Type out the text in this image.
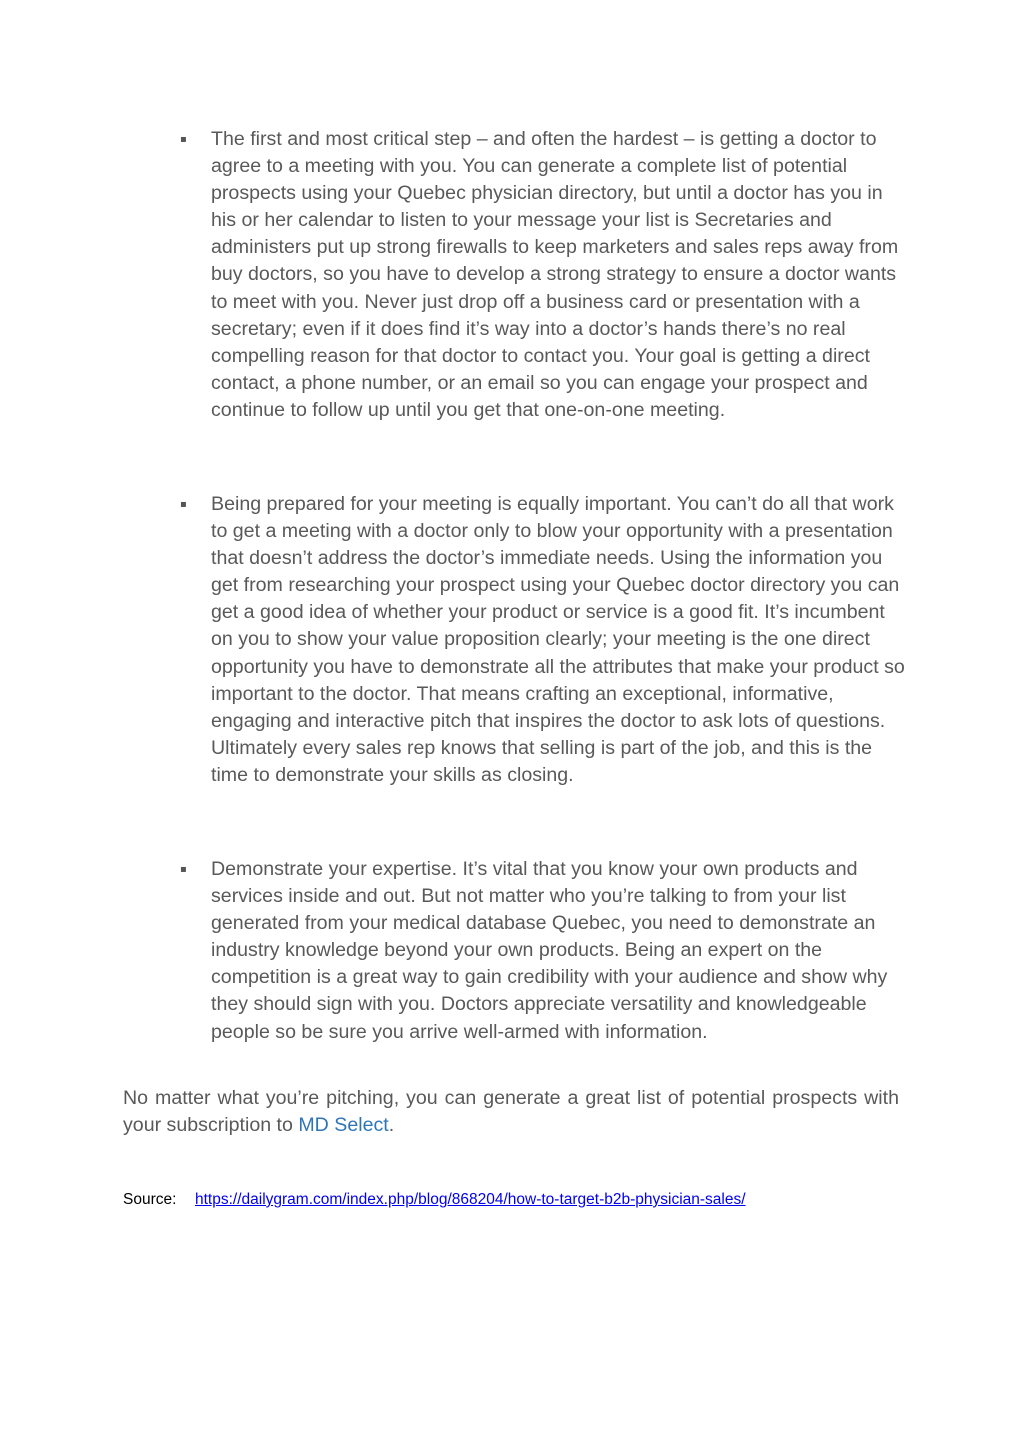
▪ The first and most critical step – and often the hardest – is getting a doctor to agree to a meeting with you. You can generate a complete list of potential prospects using your Quebec physician directory, but until a doctor has you in his or her calendar to listen to your message your list is Secretaries and administers put up strong firewalls to keep marketers and sales reps away from buy doctors, so you have to develop a strong strategy to ensure a doctor wants to meet with you. Never just drop off a business card or presentation with a secretary; even if it does find it’s way into a doctor’s hands there’s no real compelling reason for that doctor to contact you. Your goal is getting a direct contact, a phone number, or an email so you can engage your prospect and continue to follow up until you get that one-on-one meeting.

▪ Being prepared for your meeting is equally important. You can’t do all that work to get a meeting with a doctor only to blow your opportunity with a presentation that doesn’t address the doctor’s immediate needs. Using the information you get from researching your prospect using your Quebec doctor directory you can get a good idea of whether your product or service is a good fit. It’s incumbent on you to show your value proposition clearly; your meeting is the one direct opportunity you have to demonstrate all the attributes that make your product so important to the doctor. That means crafting an exceptional, informative, engaging and interactive pitch that inspires the doctor to ask lots of questions. Ultimately every sales rep knows that selling is part of the job, and this is the time to demonstrate your skills as closing.

▪ Demonstrate your expertise. It’s vital that you know your own products and services inside and out. But not matter who you’re talking to from your list generated from your medical database Quebec, you need to demonstrate an industry knowledge beyond your own products. Being an expert on the competition is a great way to gain credibility with your audience and show why they should sign with you. Doctors appreciate versatility and knowledgeable people so be sure you arrive well-armed with information.

No matter what you’re pitching, you can generate a great list of potential prospects with your subscription to MD Select.

Source: https://dailygram.com/index.php/blog/868204/how-to-target-b2b-physician-sales/
